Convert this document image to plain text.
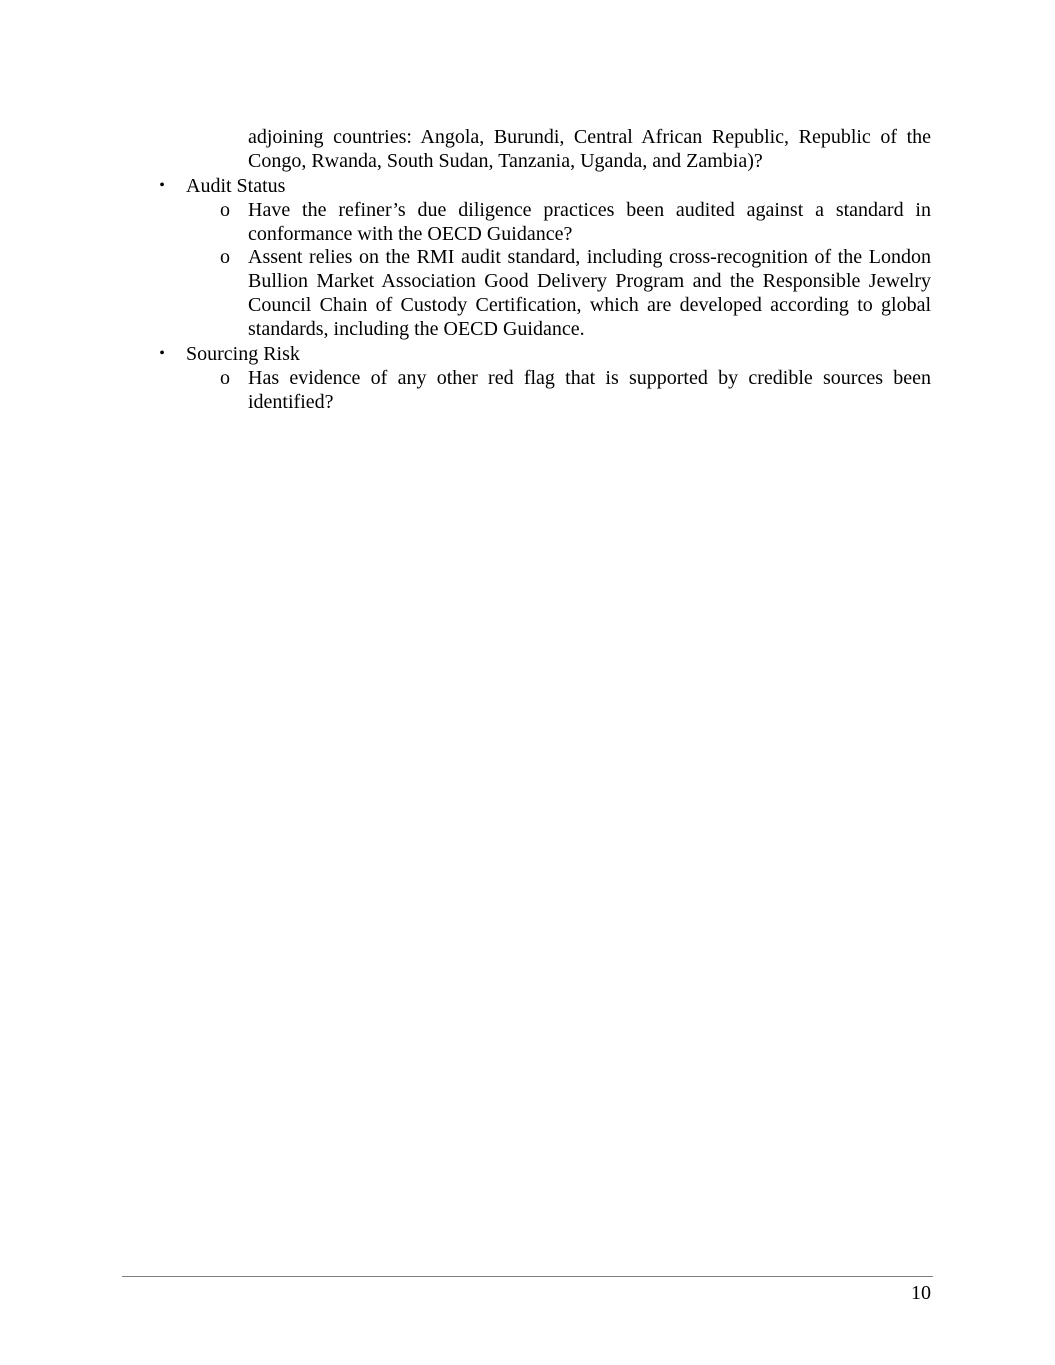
adjoining countries: Angola, Burundi, Central African Republic, Republic of the Congo, Rwanda, South Sudan, Tanzania, Uganda, and Zambia)?
•	Audit Status
o Have the refiner’s due diligence practices been audited against a standard in conformance with the OECD Guidance?
o Assent relies on the RMI audit standard, including cross-recognition of the London Bullion Market Association Good Delivery Program and the Responsible Jewelry Council Chain of Custody Certification, which are developed according to global standards, including the OECD Guidance.
•	Sourcing Risk
o Has evidence of any other red flag that is supported by credible sources been identified?
10
